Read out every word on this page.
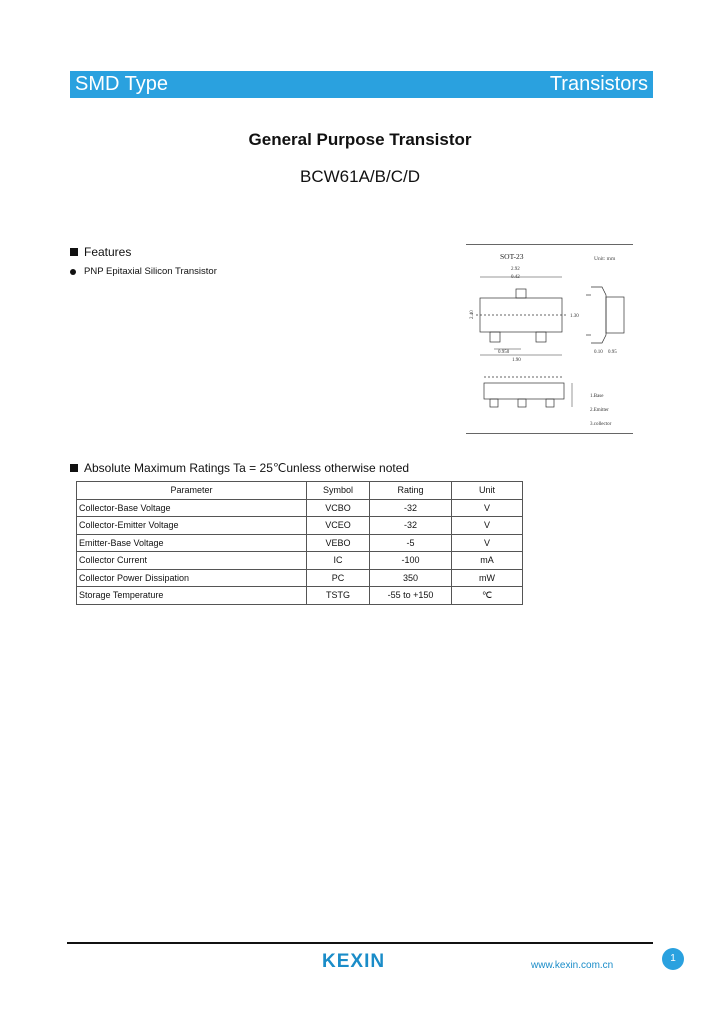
SMD Type	Transistors
General Purpose Transistor
BCW61A/B/C/D
Features
PNP Epitaxial Silicon Transistor
SOT-23	Unit: mm
2.92
0.42
2.40	1.30
0.950
1.90
0.10 0.95
1.Base
2.Emitter
3.collector
Absolute Maximum Ratings Ta = 25℃unless otherwise noted
Parameter	Symbol	Rating	Unit
Collector-Base Voltage	VCBO	-32	V
Collector-Emitter Voltage	VCEO	-32	V
Emitter-Base Voltage	VEBO	-5	V
Collector Current	IC	-100	mA
Collector Power Dissipation	PC	350	mW
Storage Temperature	TSTG	-55 to +150	℃
KEXIN	www.kexin.com.cn
1
